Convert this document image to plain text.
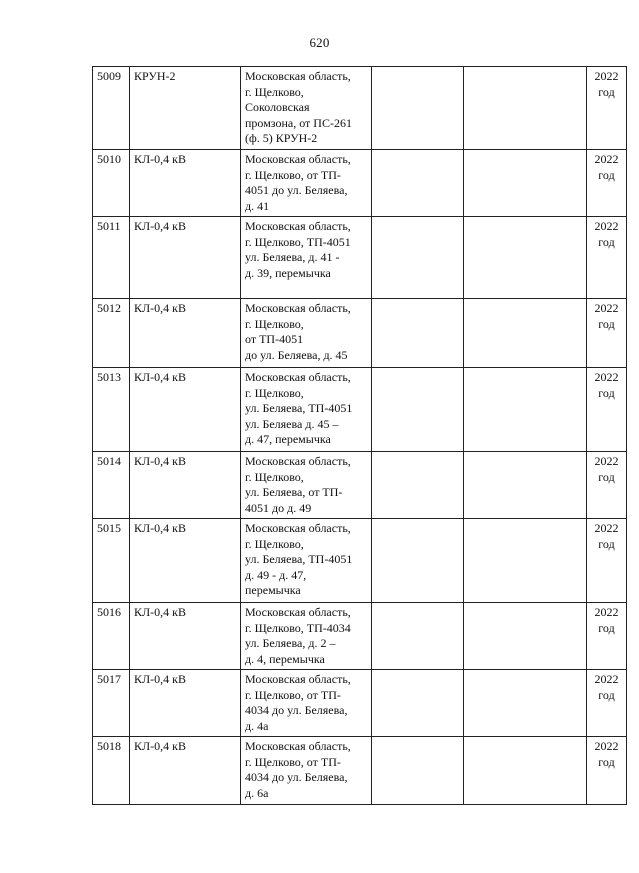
620
5009	КРУН-2	Московская область,
г. Щелково,
Соколовская
промзона, от ПС-261
(ф. 5) КРУН-2			2022
год
5010	КЛ-0,4 кВ	Московская область,
г. Щелково, от ТП-
4051 до ул. Беляева,
д. 41			2022
год
5011	КЛ-0,4 кВ	Московская область,
г. Щелково, ТП-4051
ул. Беляева, д. 41 -
д. 39, перемычка			2022
год
5012	КЛ-0,4 кВ	Московская область,
г. Щелково,
от ТП-4051
до ул. Беляева, д. 45			2022
год
5013	КЛ-0,4 кВ	Московская область,
г. Щелково,
ул. Беляева, ТП-4051
ул. Беляева д. 45 –
д. 47, перемычка			2022
год
5014	КЛ-0,4 кВ	Московская область,
г. Щелково,
ул. Беляева, от ТП-
4051 до д. 49			2022
год
5015	КЛ-0,4 кВ	Московская область,
г. Щелково,
ул. Беляева, ТП-4051
д. 49 - д. 47,
перемычка			2022
год
5016	КЛ-0,4 кВ	Московская область,
г. Щелково, ТП-4034
ул. Беляева, д. 2 –
д. 4, перемычка			2022
год
5017	КЛ-0,4 кВ	Московская область,
г. Щелково, от ТП-
4034 до ул. Беляева,
д. 4а			2022
год
5018	КЛ-0,4 кВ	Московская область,
г. Щелково, от ТП-
4034 до ул. Беляева,
д. 6а			2022
год
